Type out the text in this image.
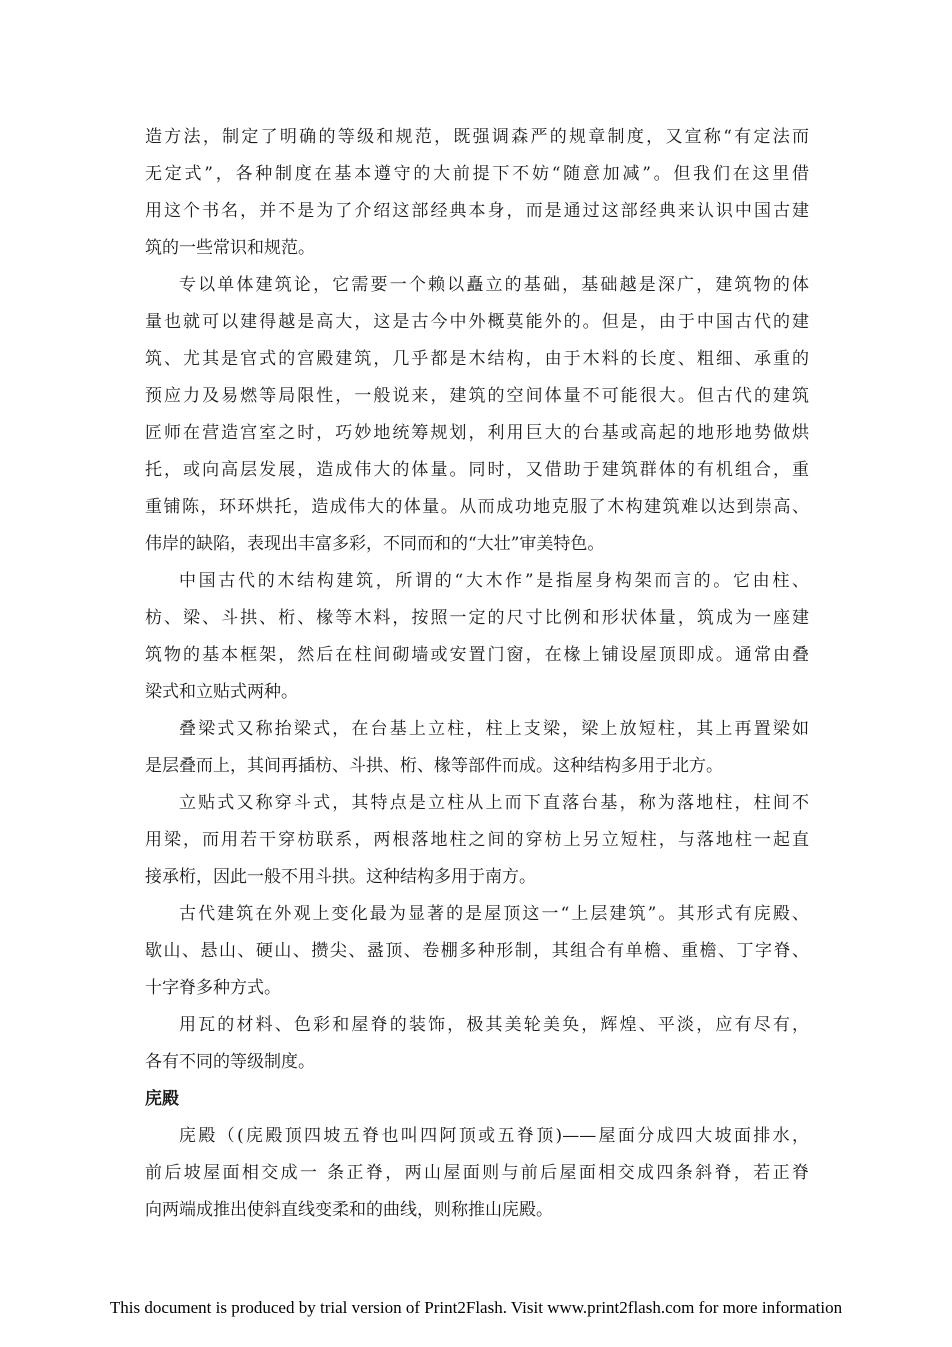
造方法，制定了明确的等级和规范，既强调森严的规章制度，又宣称“有定法而
无定式”，各种制度在基本遵守的大前提下不妨“随意加减”。但我们在这里借
用这个书名，并不是为了介绍这部经典本身，而是通过这部经典来认识中国古建
筑的一些常识和规范。
专以单体建筑论，它需要一个赖以矗立的基础，基础越是深广，建筑物的体
量也就可以建得越是高大，这是古今中外概莫能外的。但是，由于中国古代的建
筑、尤其是官式的宫殿建筑，几乎都是木结构，由于木料的长度、粗细、承重的
预应力及易燃等局限性，一般说来，建筑的空间体量不可能很大。但古代的建筑
匠师在营造宫室之时，巧妙地统筹规划，利用巨大的台基或高起的地形地势做烘
托，或向高层发展，造成伟大的体量。同时，又借助于建筑群体的有机组合，重
重铺陈，环环烘托，造成伟大的体量。从而成功地克服了木构建筑难以达到崇高、
伟岸的缺陷，表现出丰富多彩，不同而和的“大壮”审美特色。
中国古代的木结构建筑，所谓的“大木作”是指屋身构架而言的。它由柱、
枋、梁、斗拱、桁、椽等木料，按照一定的尺寸比例和形状体量，筑成为一座建
筑物的基本框架，然后在柱间砌墙或安置门窗，在椽上铺设屋顶即成。通常由叠
梁式和立贴式两种。
叠梁式又称抬梁式，在台基上立柱，柱上支梁，梁上放短柱，其上再置梁如
是层叠而上，其间再插枋、斗拱、桁、椽等部件而成。这种结构多用于北方。
立贴式又称穿斗式，其特点是立柱从上而下直落台基，称为落地柱，柱间不
用梁，而用若干穿枋联系，两根落地柱之间的穿枋上另立短柱，与落地柱一起直
接承桁，因此一般不用斗拱。这种结构多用于南方。
古代建筑在外观上变化最为显著的是屋顶这一“上层建筑”。其形式有庑殿、
歇山、悬山、硬山、攒尖、盝顶、卷棚多种形制，其组合有单檐、重檐、丁字脊、
十字脊多种方式。
用瓦的材料、色彩和屋脊的装饰，极其美轮美奂，辉煌、平淡，应有尽有，
各有不同的等级制度。
庑殿
庑殿（(庑殿顶四坡五脊也叫四阿顶或五脊顶)——屋面分成四大坡面排水，
前后坡屋面相交成一 条正脊，两山屋面则与前后屋面相交成四条斜脊，若正脊
向两端成推出使斜直线变柔和的曲线，则称推山庑殿。
This document is produced by trial version of Print2Flash. Visit www.print2flash.com for more information
